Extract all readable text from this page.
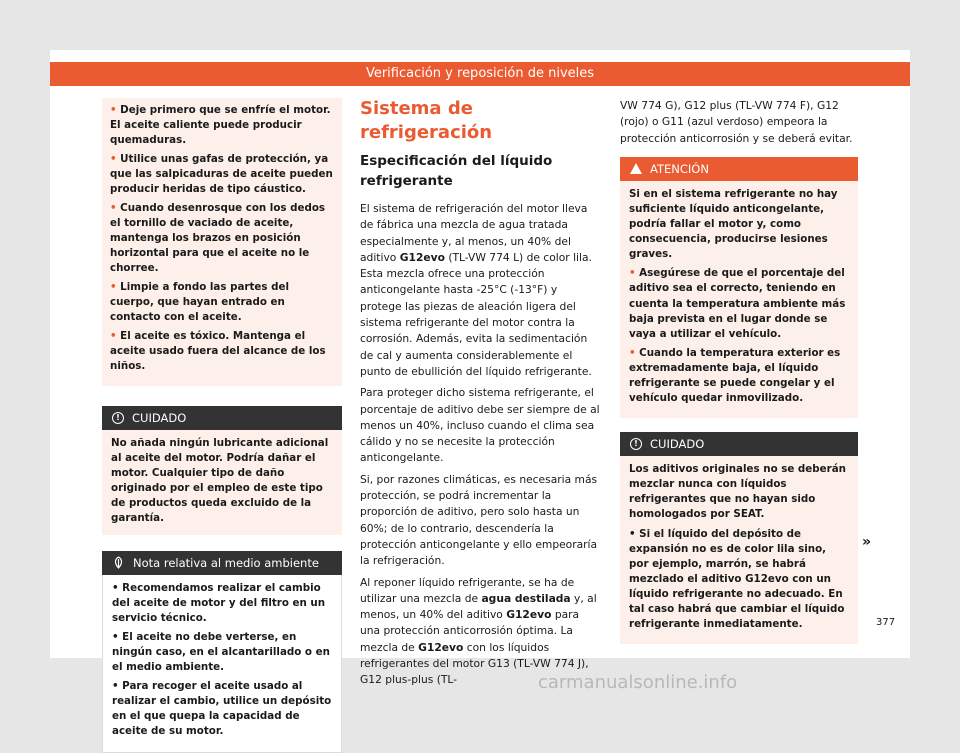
Verificación y reposición de niveles
• Deje primero que se enfríe el motor. El aceite caliente puede producir quemaduras.
• Utilice unas gafas de protección, ya que las salpicaduras de aceite pueden producir heridas de tipo cáustico.
• Cuando desenrosque con los dedos el tornillo de vaciado de aceite, mantenga los brazos en posición horizontal para que el aceite no le chorree.
• Limpie a fondo las partes del cuerpo, que hayan entrado en contacto con el aceite.
• El aceite es tóxico. Mantenga el aceite usado fuera del alcance de los niños.
!	CUIDADO
No añada ningún lubricante adicional al aceite del motor. Podría dañar el motor. Cualquier tipo de daño originado por el empleo de este tipo de productos queda excluido de la garantía.
Nota relativa al medio ambiente
• Recomendamos realizar el cambio del aceite de motor y del filtro en un servicio técnico.
• El aceite no debe verterse, en ningún caso, en el alcantarillado o en el medio ambiente.
• Para recoger el aceite usado al realizar el cambio, utilice un depósito en el que quepa la capacidad de aceite de su motor.
Sistema de refrigeración
Especificación del líquido refrigerante

El sistema de refrigeración del motor lleva de fábrica una mezcla de agua tratada especialmente y, al menos, un 40% del aditivo G12evo (TL-VW 774 L) de color lila. Esta mezcla ofrece una protección anticongelante hasta -25°C (-13°F) y protege las piezas de aleación ligera del sistema refrigerante del motor contra la corrosión. Además, evita la sedimentación de cal y aumenta considerablemente el punto de ebullición del líquido refrigerante.

Para proteger dicho sistema refrigerante, el porcentaje de aditivo debe ser siempre de al menos un 40%, incluso cuando el clima sea cálido y no se necesite la protección anticongelante.

Si, por razones climáticas, es necesaria más protección, se podrá incrementar la proporción de aditivo, pero solo hasta un 60%; de lo contrario, descendería la protección anticongelante y ello empeoraría la refrigeración.

Al reponer líquido refrigerante, se ha de utilizar una mezcla de agua destilada y, al menos, un 40% del aditivo G12evo para una protección anticorrosión óptima. La mezcla de G12evo con los líquidos refrigerantes del motor G13 (TL-VW 774 J), G12 plus-plus (TL-

VW 774 G), G12 plus (TL-VW 774 F), G12 (rojo) o G11 (azul verdoso) empeora la protección anticorrosión y se deberá evitar.

ATENCIÓN
Si en el sistema refrigerante no hay suficiente líquido anticongelante, podría fallar el motor y, como consecuencia, producirse lesiones graves.
• Asegúrese de que el porcentaje del aditivo sea el correcto, teniendo en cuenta la temperatura ambiente más baja prevista en el lugar donde se vaya a utilizar el vehículo.
• Cuando la temperatura exterior es extremadamente baja, el líquido refrigerante se puede congelar y el vehículo quedar inmovilizado.
!	CUIDADO
Los aditivos originales no se deberán mezclar nunca con líquidos refrigerantes que no hayan sido homologados por SEAT.
• Si el líquido del depósito de expansión no es de color lila sino, por ejemplo, marrón, se habrá mezclado el aditivo G12evo con un líquido refrigerante no adecuado. En tal caso habrá que cambiar el líquido refrigerante inmediatamente.
»
377
carmanualsonline.info
